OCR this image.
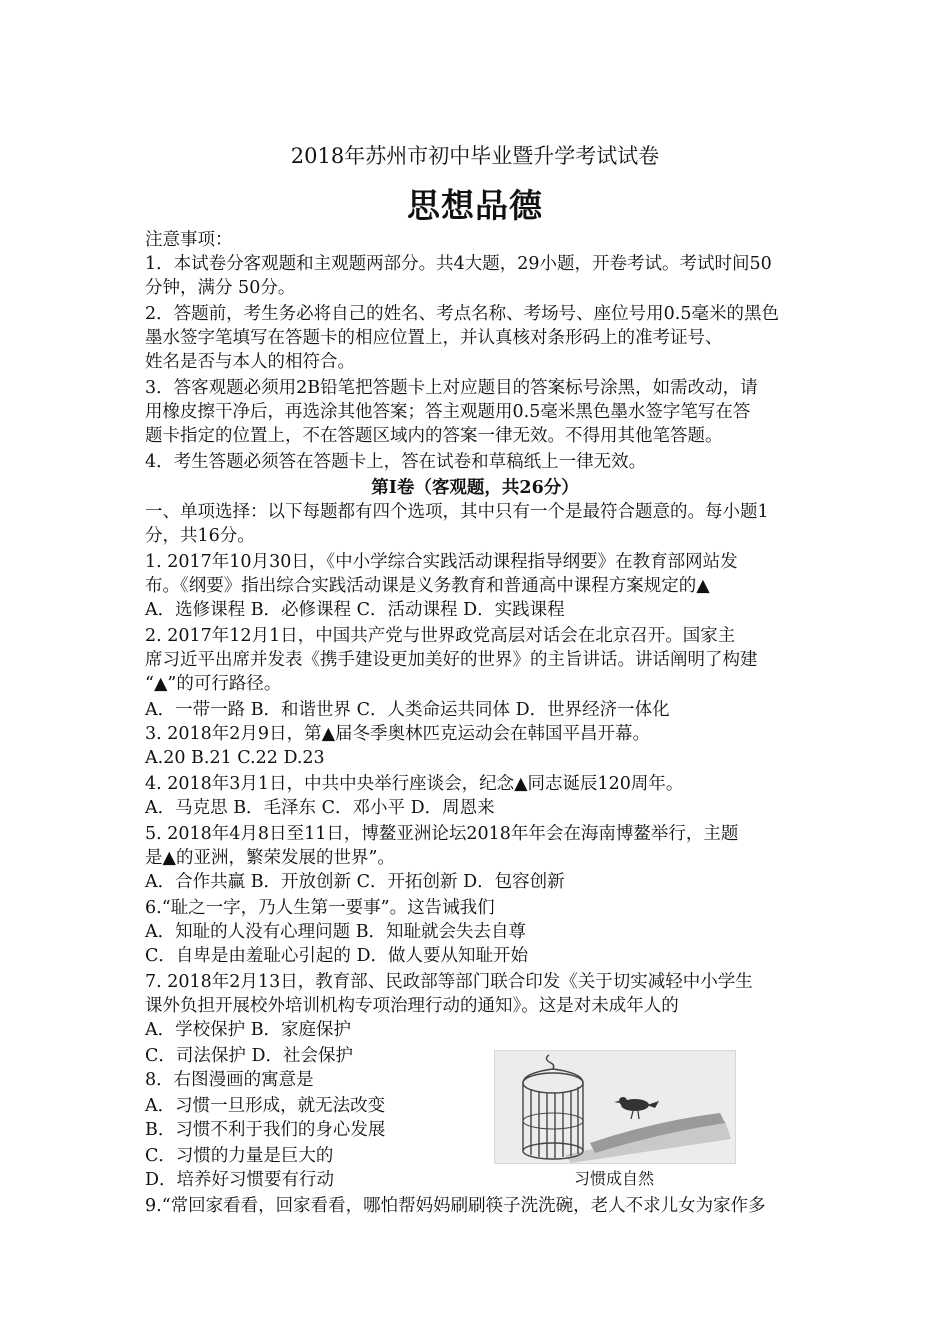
2018年苏州市初中毕业暨升学考试试卷
思想品德
注意事项：
1．本试卷分客观题和主观题两部分。共4大题，29小题，开卷考试。考试时间50
分钟，满分 50分。
2．答题前，考生务必将自己的姓名、考点名称、考场号、座位号用0.5毫米的黑色
墨水签字笔填写在答题卡的相应位置上，并认真核对条形码上的准考证号、
姓名是否与本人的相符合。
3．答客观题必须用2B铅笔把答题卡上对应题目的答案标号涂黑，如需改动，请
用橡皮擦干净后，再选涂其他答案；答主观题用0.5毫米黑色墨水签字笔写在答
题卡指定的位置上，不在答题区域内的答案一律无效。不得用其他笔答题。
4．考生答题必须答在答题卡上，答在试卷和草稿纸上一律无效。
第Ⅰ卷（客观题，共26分）
一、单项选择：以下每题都有四个选项，其中只有一个是最符合题意的。每小题1
分，共16分。
1. 2017年10月30日，《中小学综合实践活动课程指导纲要》在教育部网站发
布。《纲要》指出综合实践活动课是义务教育和普通高中课程方案规定的▲
A．选修课程 B．必修课程 C．活动课程 D．实践课程
2. 2017年12月1日，中国共产党与世界政党高层对话会在北京召开。国家主
席习近平出席并发表《携手建设更加美好的世界》的主旨讲话。讲话阐明了构建
“▲”的可行路径。
A．一带一路 B．和谐世界 C．人类命运共同体 D．世界经济一体化
3. 2018年2月9日，第▲届冬季奥林匹克运动会在韩国平昌开幕。
A.20 B.21 C.22 D.23
4. 2018年3月1日，中共中央举行座谈会，纪念▲同志诞辰120周年。
A．马克思 B．毛泽东 C．邓小平 D．周恩来
5. 2018年4月8日至11日，博鳌亚洲论坛2018年年会在海南博鳌举行，主题
是▲的亚洲，繁荣发展的世界”。
A．合作共赢 B．开放创新 C．开拓创新 D．包容创新
6.“耻之一字，乃人生第一要事”。这告诫我们
A．知耻的人没有心理问题 B．知耻就会失去自尊
C．自卑是由羞耻心引起的 D．做人要从知耻开始
7. 2018年2月13日，教育部、民政部等部门联合印发《关于切实减轻中小学生
课外负担开展校外培训机构专项治理行动的通知》。这是对未成年人的
A．学校保护 B．家庭保护
C．司法保护 D．社会保护
8．右图漫画的寓意是
A．习惯一旦形成，就无法改变
B．习惯不利于我们的身心发展
C．习惯的力量是巨大的
D．培养好习惯要有行动
9.“常回家看看，回家看看，哪怕帮妈妈刷刷筷子洗洗碗，老人不求儿女为家作多
习惯成自然
